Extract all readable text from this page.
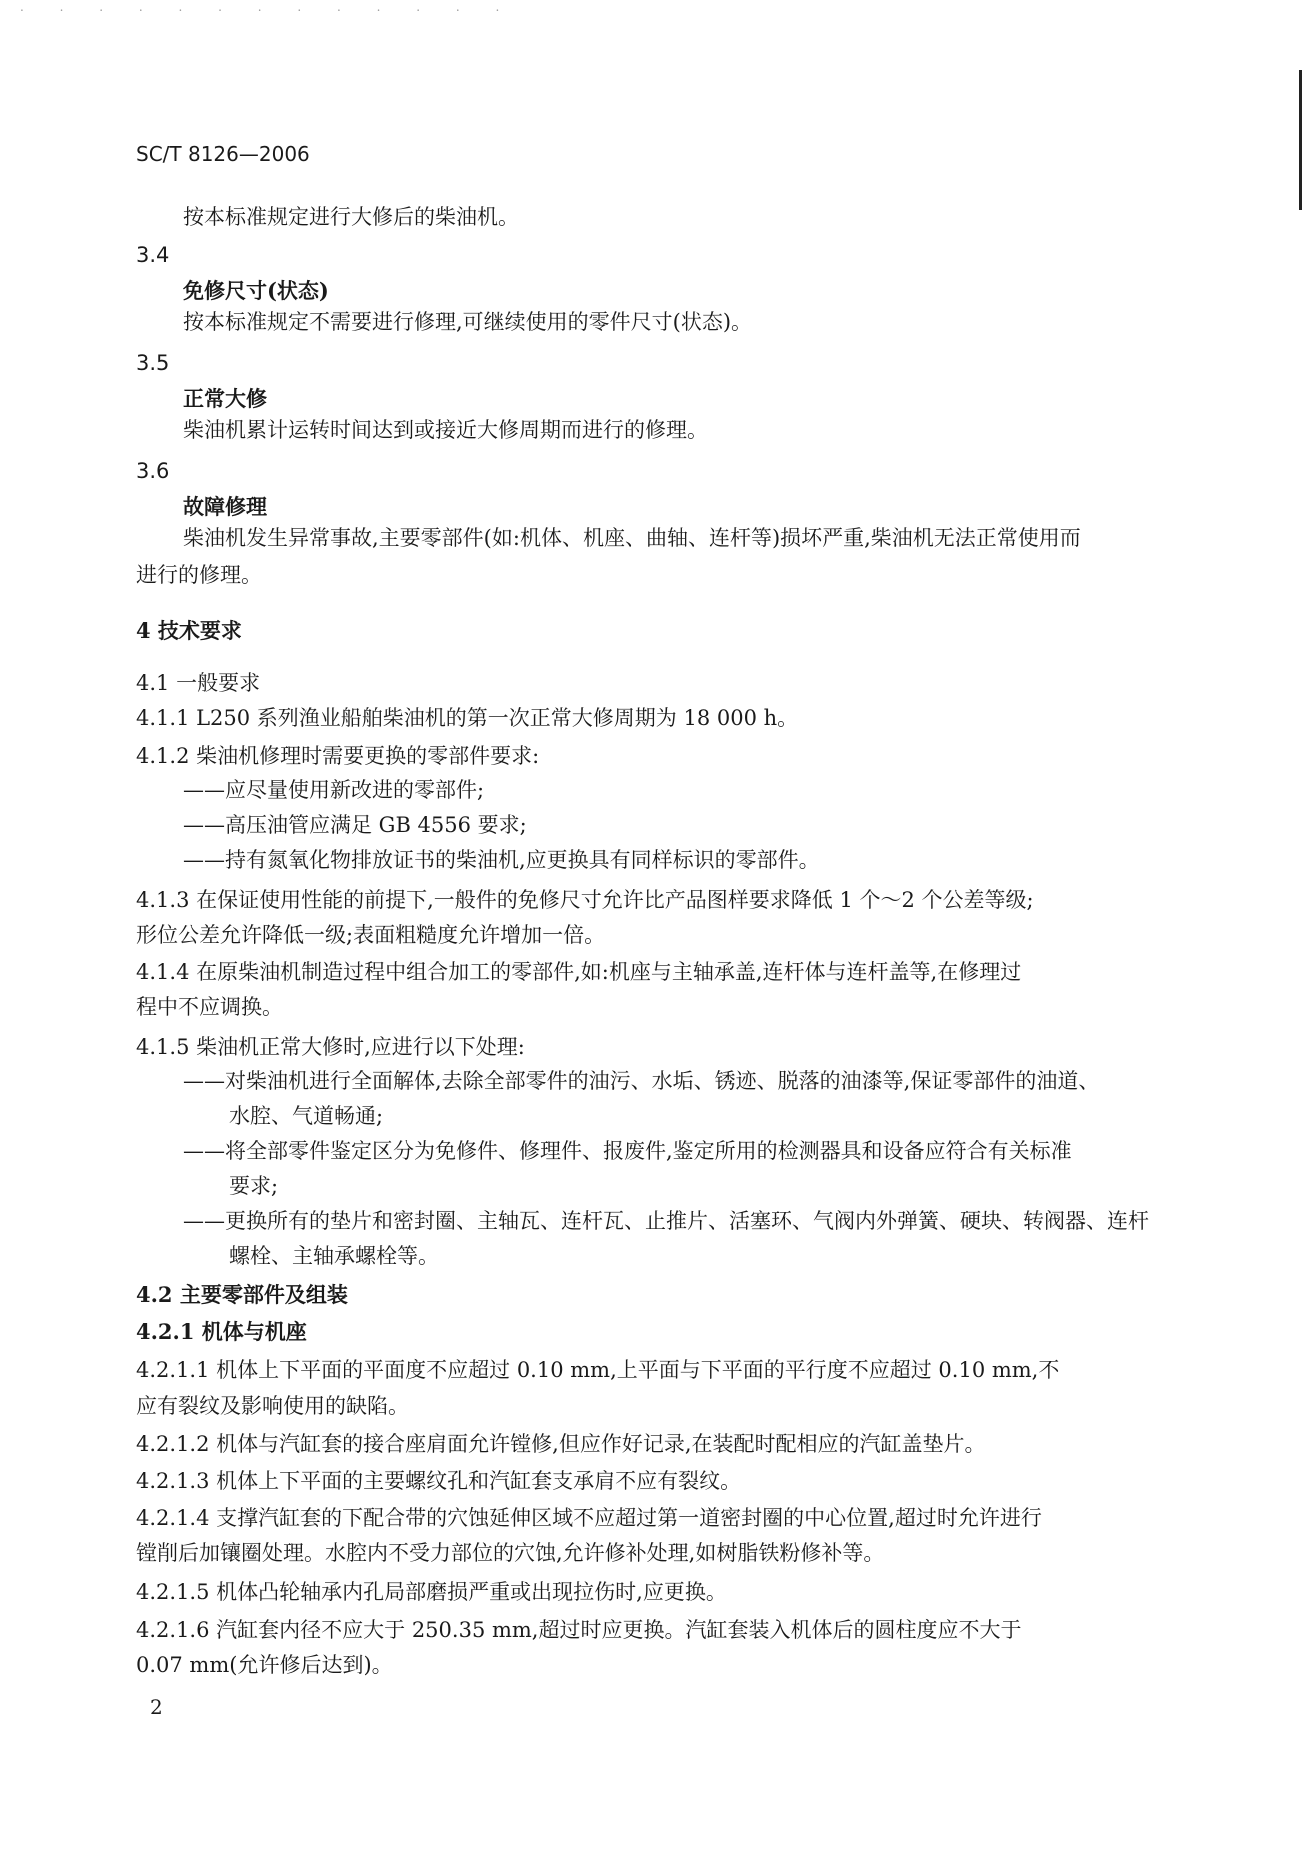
. . . . . . . . . . . . .
SC/T 8126—2006
按本标准规定进行大修后的柴油机。
3.4
免修尺寸(状态)
按本标准规定不需要进行修理,可继续使用的零件尺寸(状态)。
3.5
正常大修
柴油机累计运转时间达到或接近大修周期而进行的修理。
3.6
故障修理
柴油机发生异常事故,主要零部件(如:机体、机座、曲轴、连杆等)损坏严重,柴油机无法正常使用而
进行的修理。
4 技术要求
4.1 一般要求
4.1.1 L250 系列渔业船舶柴油机的第一次正常大修周期为 18 000 h。
4.1.2 柴油机修理时需要更换的零部件要求:
——应尽量使用新改进的零部件;
——高压油管应满足 GB 4556 要求;
——持有氮氧化物排放证书的柴油机,应更换具有同样标识的零部件。
4.1.3 在保证使用性能的前提下,一般件的免修尺寸允许比产品图样要求降低 1 个～2 个公差等级;
形位公差允许降低一级;表面粗糙度允许增加一倍。
4.1.4 在原柴油机制造过程中组合加工的零部件,如:机座与主轴承盖,连杆体与连杆盖等,在修理过
程中不应调换。
4.1.5 柴油机正常大修时,应进行以下处理:
——对柴油机进行全面解体,去除全部零件的油污、水垢、锈迹、脱落的油漆等,保证零部件的油道、
水腔、气道畅通;
——将全部零件鉴定区分为免修件、修理件、报废件,鉴定所用的检测器具和设备应符合有关标准
要求;
——更换所有的垫片和密封圈、主轴瓦、连杆瓦、止推片、活塞环、气阀内外弹簧、硬块、转阀器、连杆
螺栓、主轴承螺栓等。
4.2 主要零部件及组装
4.2.1 机体与机座
4.2.1.1 机体上下平面的平面度不应超过 0.10 mm,上平面与下平面的平行度不应超过 0.10 mm,不
应有裂纹及影响使用的缺陷。
4.2.1.2 机体与汽缸套的接合座肩面允许镗修,但应作好记录,在装配时配相应的汽缸盖垫片。
4.2.1.3 机体上下平面的主要螺纹孔和汽缸套支承肩不应有裂纹。
4.2.1.4 支撑汽缸套的下配合带的穴蚀延伸区域不应超过第一道密封圈的中心位置,超过时允许进行
镗削后加镶圈处理。水腔内不受力部位的穴蚀,允许修补处理,如树脂铁粉修补等。
4.2.1.5 机体凸轮轴承内孔局部磨损严重或出现拉伤时,应更换。
4.2.1.6 汽缸套内径不应大于 250.35 mm,超过时应更换。汽缸套装入机体后的圆柱度应不大于
0.07 mm(允许修后达到)。
2
